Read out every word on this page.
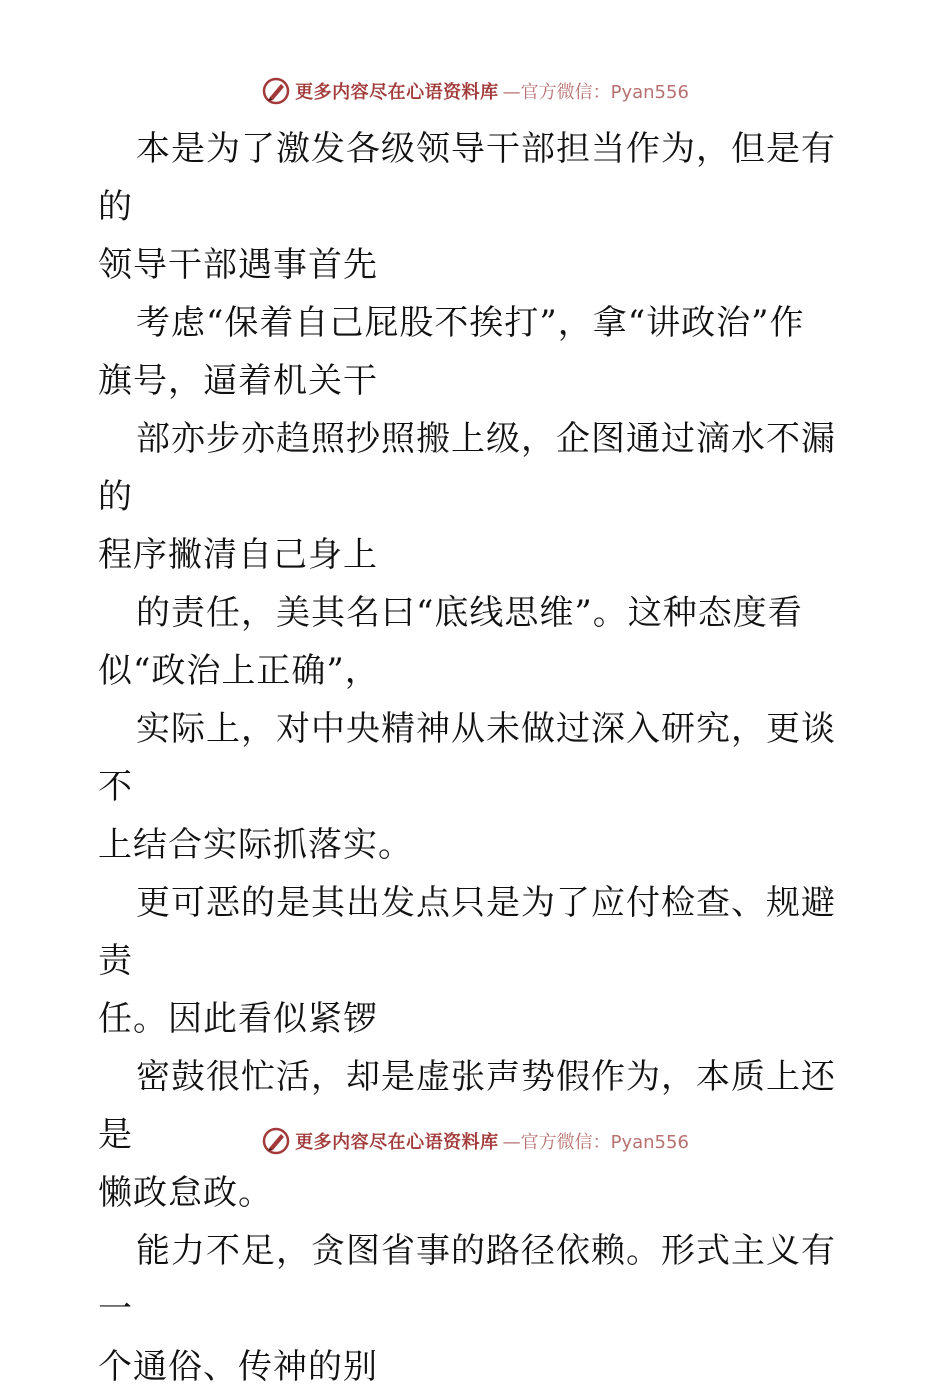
更多内容尽在心语资料库 —官方微信：Pyan556

本是为了激发各级领导干部担当作为，但是有的
领导干部遇事首先

考虑“保着自己屁股不挨打”，拿“讲政治”作
旗号，逼着机关干

部亦步亦趋照抄照搬上级，企图通过滴水不漏的
程序撇清自己身上

的责任，美其名曰“底线思维”。这种态度看
似“政治上正确”，

实际上，对中央精神从未做过深入研究，更谈不
上结合实际抓落实。

更可恶的是其出发点只是为了应付检查、规避责
任。因此看似紧锣

密鼓很忙活，却是虚张声势假作为，本质上还是
懒政怠政。

能力不足，贪图省事的路径依赖。形式主义有一
个通俗、传神的别

更多内容尽在心语资料库 —官方微信：Pyan556
